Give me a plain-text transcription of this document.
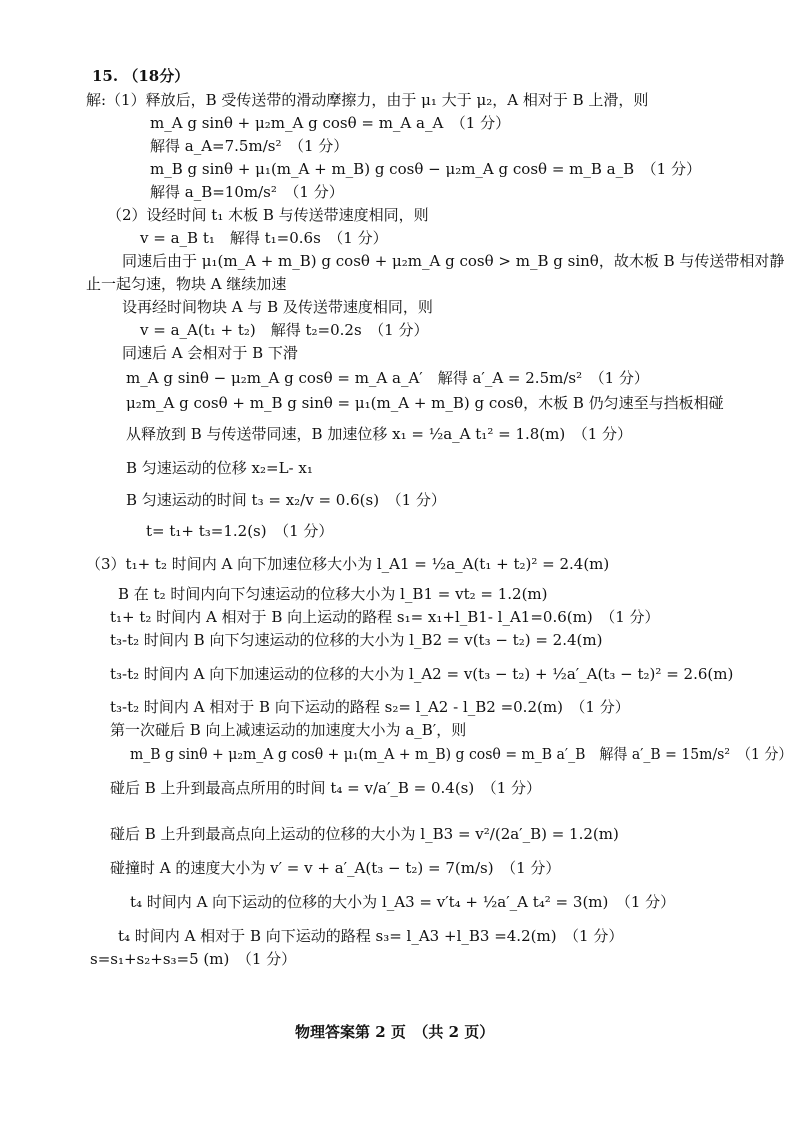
15. （18分）
解:（1）释放后，B 受传送带的滑动摩擦力，由于 μ₁ 大于 μ₂，A 相对于 B 上滑，则
m_A g sinθ + μ₂m_A g cosθ = m_A a_A　（1 分）
解得 a_A=7.5m/s²　（1 分）
m_B g sinθ + μ₁(m_A + m_B) g cosθ − μ₂m_A g cosθ = m_B a_B　（1 分）
解得 a_B=10m/s²　（1 分）
（2）设经时间 t₁ 木板 B 与传送带速度相同，则
v = a_B t₁　解得 t₁=0.6s　（1 分）
同速后由于 μ₁(m_A + m_B) g cosθ + μ₂m_A g cosθ > m_B g sinθ，故木板 B 与传送带相对静
止一起匀速，物块 A 继续加速
设再经时间物块 A 与 B 及传送带速度相同，则
v = a_A(t₁ + t₂)　解得 t₂=0.2s　（1 分）
同速后 A 会相对于 B 下滑
m_A g sinθ − μ₂m_A g cosθ = m_A a_A′　解得 a′_A = 2.5m/s²　（1 分）
μ₂m_A g cosθ + m_B g sinθ = μ₁(m_A + m_B) g cosθ，木板 B 仍匀速至与挡板相碰
从释放到 B 与传送带同速，B 加速位移 x₁ = ½a_A t₁² = 1.8(m)　（1 分）
B 匀速运动的位移 x₂=L- x₁
B 匀速运动的时间 t₃ = x₂/v = 0.6(s)　（1 分）
t= t₁+ t₃=1.2(s)　（1 分）
（3）t₁+ t₂ 时间内 A 向下加速位移大小为 l_A1 = ½a_A(t₁ + t₂)² = 2.4(m)
B 在 t₂ 时间内向下匀速运动的位移大小为 l_B1 = vt₂ = 1.2(m)
t₁+ t₂ 时间内 A 相对于 B 向上运动的路程 s₁= x₁+l_B1- l_A1=0.6(m)　（1 分）
t₃-t₂ 时间内 B 向下匀速运动的位移的大小为 l_B2 = v(t₃ − t₂) = 2.4(m)
t₃-t₂ 时间内 A 向下加速运动的位移的大小为 l_A2 = v(t₃ − t₂) + ½a′_A(t₃ − t₂)² = 2.6(m)
t₃-t₂ 时间内 A 相对于 B 向下运动的路程 s₂= l_A2 - l_B2 =0.2(m)　（1 分）
第一次碰后 B 向上减速运动的加速度大小为 a_B′，则
m_B g sinθ + μ₂m_A g cosθ + μ₁(m_A + m_B) g cosθ = m_B a′_B　解得 a′_B = 15m/s²　（1 分）
碰后 B 上升到最高点所用的时间 t₄ = v/a′_B = 0.4(s)　（1 分）
碰后 B 上升到最高点向上运动的位移的大小为 l_B3 = v²/(2a′_B) = 1.2(m)
碰撞时 A 的速度大小为 v′ = v + a′_A(t₃ − t₂) = 7(m/s)　（1 分）
t₄ 时间内 A 向下运动的位移的大小为 l_A3 = v′t₄ + ½a′_A t₄² = 3(m)　（1 分）
t₄ 时间内 A 相对于 B 向下运动的路程 s₃= l_A3 +l_B3 =4.2(m)　（1 分）
s=s₁+s₂+s₃=5 (m)　（1 分）
物理答案第 2 页　（共 2 页）
